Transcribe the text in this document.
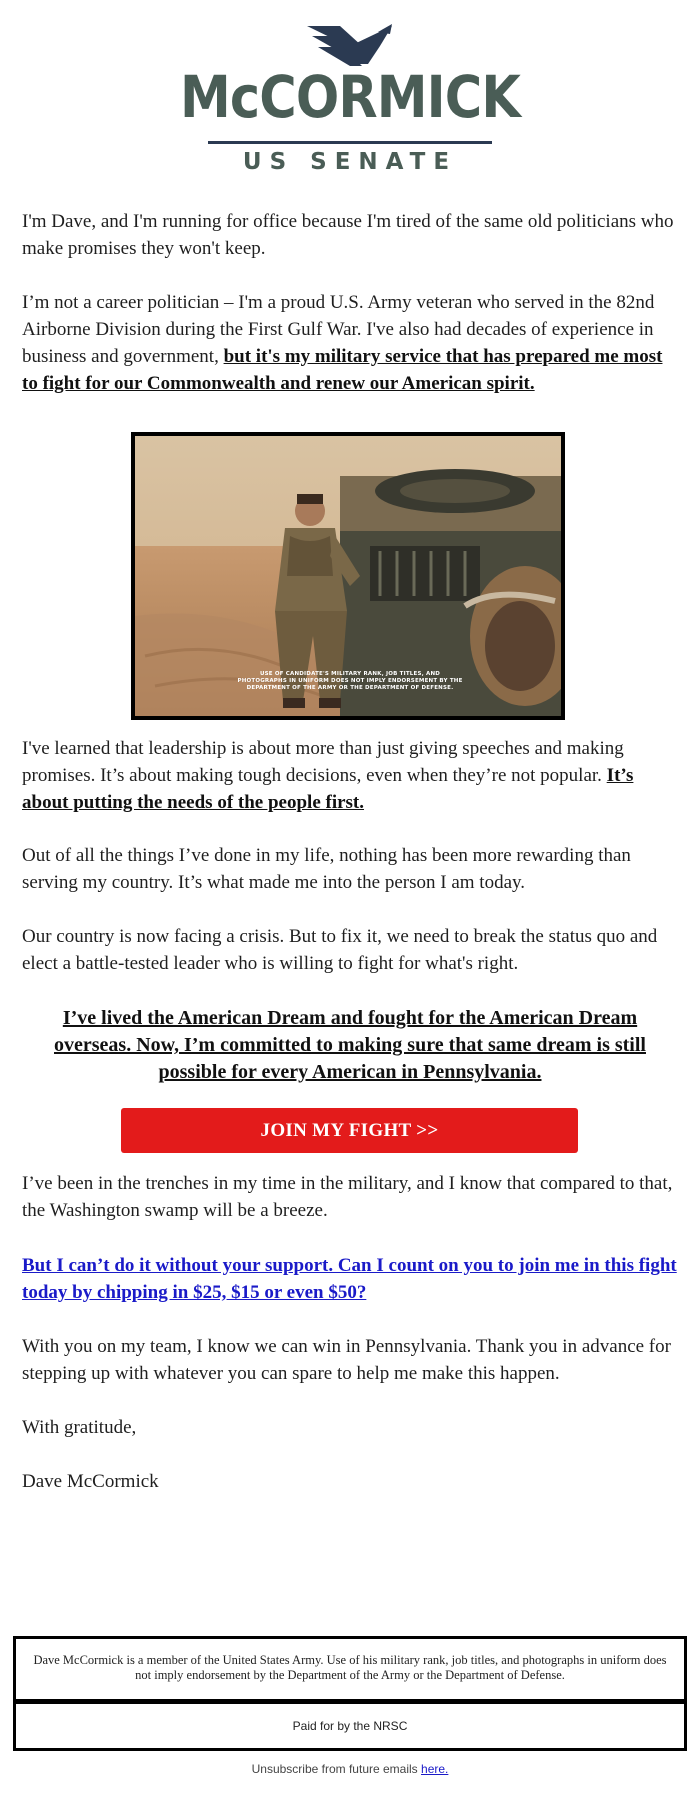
McCORMICK
US SENATE

I'm Dave, and I'm running for office because I'm tired of the same old politicians who make promises they won't keep.

I’m not a career politician – I'm a proud U.S. Army veteran who served in the 82nd Airborne Division during the First Gulf War. I've also had decades of experience in business and government, but it's my military service that has prepared me most to fight for our Commonwealth and renew our American spirit.

USE OF CANDIDATE'S MILITARY RANK, JOB TITLES, AND PHOTOGRAPHS IN UNIFORM DOES NOT IMPLY ENDORSEMENT BY THE DEPARTMENT OF THE ARMY OR THE DEPARTMENT OF DEFENSE.

I've learned that leadership is about more than just giving speeches and making promises. It’s about making tough decisions, even when they’re not popular. It’s about putting the needs of the people first.

Out of all the things I’ve done in my life, nothing has been more rewarding than serving my country. It’s what made me into the person I am today.

Our country is now facing a crisis. But to fix it, we need to break the status quo and elect a battle-tested leader who is willing to fight for what's right.

I’ve lived the American Dream and fought for the American Dream overseas. Now, I’m committed to making sure that same dream is still possible for every American in Pennsylvania.

JOIN MY FIGHT >>

I’ve been in the trenches in my time in the military, and I know that compared to that, the Washington swamp will be a breeze.

But I can’t do it without your support. Can I count on you to join me in this fight today by chipping in $25, $15 or even $50?

With you on my team, I know we can win in Pennsylvania. Thank you in advance for stepping up with whatever you can spare to help me make this happen.

With gratitude,

Dave McCormick

Dave McCormick is a member of the United States Army. Use of his military rank, job titles, and photographs in uniform does not imply endorsement by the Department of the Army or the Department of Defense.
Paid for by the NRSC
Unsubscribe from future emails here.
